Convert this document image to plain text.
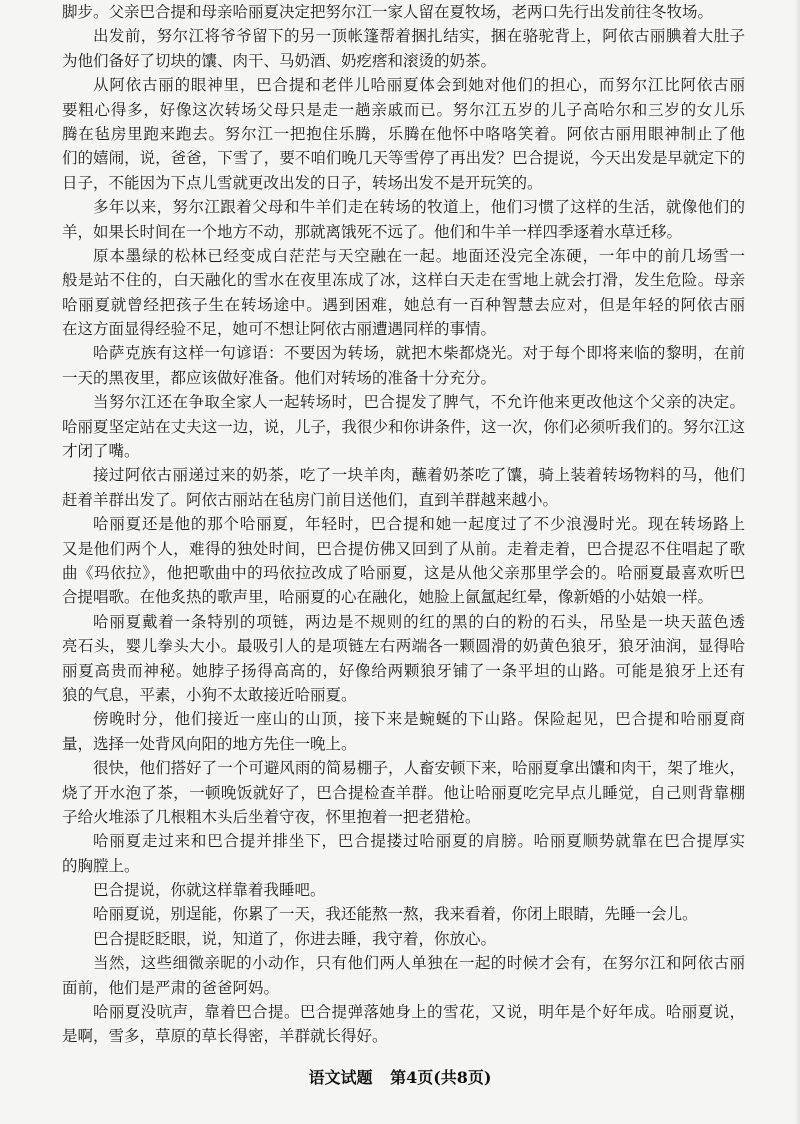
脚步。父亲巴合提和母亲哈丽夏决定把努尔江一家人留在夏牧场，老两口先行出发前往冬牧场。
出发前，努尔江将爷爷留下的另一顶帐篷帮着捆扎结实，捆在骆驼背上，阿依古丽腆着大肚子
为他们备好了切块的馕、肉干、马奶酒、奶疙瘩和滚烫的奶茶。
从阿依古丽的眼神里，巴合提和老伴儿哈丽夏体会到她对他们的担心，而努尔江比阿依古丽
要粗心得多，好像这次转场父母只是走一趟亲戚而已。努尔江五岁的儿子高哈尔和三岁的女儿乐
腾在毡房里跑来跑去。努尔江一把抱住乐腾，乐腾在他怀中咯咯笑着。阿依古丽用眼神制止了他
们的嬉闹，说，爸爸，下雪了，要不咱们晚几天等雪停了再出发？巴合提说，今天出发是早就定下的
日子，不能因为下点儿雪就更改出发的日子，转场出发不是开玩笑的。
多年以来，努尔江跟着父母和牛羊们走在转场的牧道上，他们习惯了这样的生活，就像他们的
羊，如果长时间在一个地方不动，那就离饿死不远了。他们和牛羊一样四季逐着水草迁移。
原本墨绿的松林已经变成白茫茫与天空融在一起。地面还没完全冻硬，一年中的前几场雪一
般是站不住的，白天融化的雪水在夜里冻成了冰，这样白天走在雪地上就会打滑，发生危险。母亲
哈丽夏就曾经把孩子生在转场途中。遇到困难，她总有一百种智慧去应对，但是年轻的阿依古丽
在这方面显得经验不足，她可不想让阿依古丽遭遇同样的事情。
哈萨克族有这样一句谚语：不要因为转场，就把木柴都烧光。对于每个即将来临的黎明，在前
一天的黑夜里，都应该做好准备。他们对转场的准备十分充分。
当努尔江还在争取全家人一起转场时，巴合提发了脾气，不允许他来更改他这个父亲的决定。
哈丽夏坚定站在丈夫这一边，说，儿子，我很少和你讲条件，这一次，你们必须听我们的。努尔江这
才闭了嘴。
接过阿依古丽递过来的奶茶，吃了一块羊肉，蘸着奶茶吃了馕，骑上装着转场物料的马，他们
赶着羊群出发了。阿依古丽站在毡房门前目送他们，直到羊群越来越小。
哈丽夏还是他的那个哈丽夏，年轻时，巴合提和她一起度过了不少浪漫时光。现在转场路上
又是他们两个人，难得的独处时间，巴合提仿佛又回到了从前。走着走着，巴合提忍不住唱起了歌
曲《玛依拉》，他把歌曲中的玛依拉改成了哈丽夏，这是从他父亲那里学会的。哈丽夏最喜欢听巴
合提唱歌。在他炙热的歌声里，哈丽夏的心在融化，她脸上氤氲起红晕，像新婚的小姑娘一样。
哈丽夏戴着一条特别的项链，两边是不规则的红的黑的白的粉的石头，吊坠是一块天蓝色透
亮石头，婴儿拳头大小。最吸引人的是项链左右两端各一颗圆滑的奶黄色狼牙，狼牙油润，显得哈
丽夏高贵而神秘。她脖子扬得高高的，好像给两颗狼牙铺了一条平坦的山路。可能是狼牙上还有
狼的气息，平素，小狗不太敢接近哈丽夏。
傍晚时分，他们接近一座山的山顶，接下来是蜿蜒的下山路。保险起见，巴合提和哈丽夏商
量，选择一处背风向阳的地方先住一晚上。
很快，他们搭好了一个可避风雨的简易棚子，人畜安顿下来，哈丽夏拿出馕和肉干，架了堆火，
烧了开水泡了茶，一顿晚饭就好了，巴合提检查羊群。他让哈丽夏吃完早点儿睡觉，自己则背靠棚
子给火堆添了几根粗木头后坐着守夜，怀里抱着一把老猎枪。
哈丽夏走过来和巴合提并排坐下，巴合提搂过哈丽夏的肩膀。哈丽夏顺势就靠在巴合提厚实
的胸膛上。
巴合提说，你就这样靠着我睡吧。
哈丽夏说，别逞能，你累了一天，我还能熬一熬，我来看着，你闭上眼睛，先睡一会儿。
巴合提眨眨眼，说，知道了，你进去睡，我守着，你放心。
当然，这些细微亲昵的小动作，只有他们两人单独在一起的时候才会有，在努尔江和阿依古丽
面前，他们是严肃的爸爸阿妈。
哈丽夏没吭声，靠着巴合提。巴合提弹落她身上的雪花，又说，明年是个好年成。哈丽夏说，
是啊，雪多，草原的草长得密，羊群就长得好。
语文试题 第4页(共8页)
